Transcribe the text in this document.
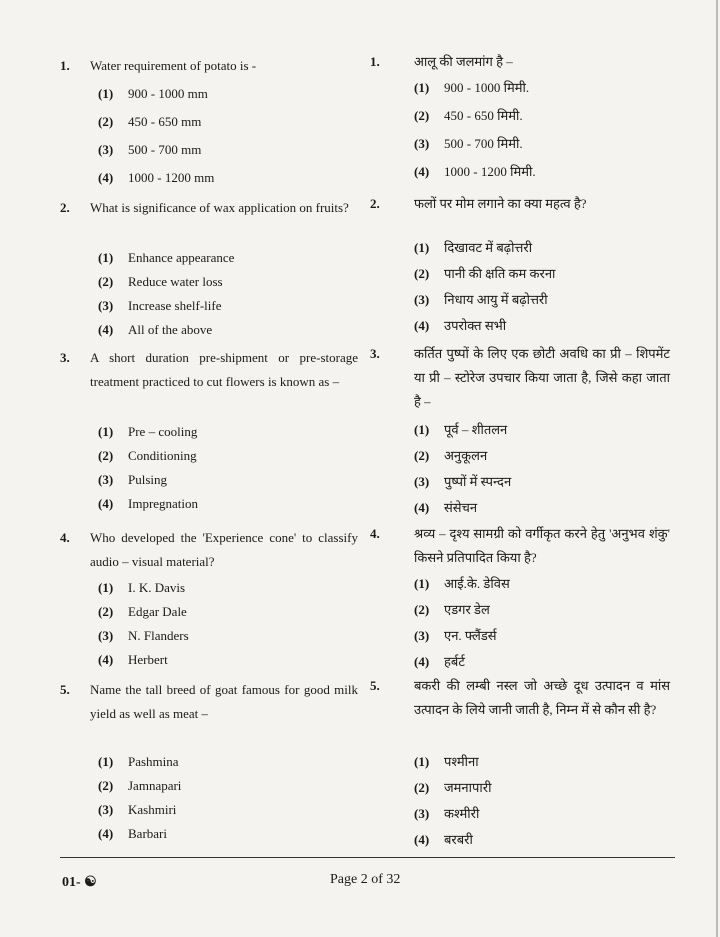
1. Water requirement of potato is -
(1) 900 - 1000 mm
(2) 450 - 650 mm
(3) 500 - 700 mm
(4) 1000 - 1200 mm
2. What is significance of wax application on fruits?
(1) Enhance appearance
(2) Reduce water loss
(3) Increase shelf-life
(4) All of the above
3. A short duration pre-shipment or pre-storage treatment practiced to cut flowers is known as –
(1) Pre – cooling
(2) Conditioning
(3) Pulsing
(4) Impregnation
4. Who developed the 'Experience cone' to classify audio – visual material?
(1) I. K. Davis
(2) Edgar Dale
(3) N. Flanders
(4) Herbert
5. Name the tall breed of goat famous for good milk yield as well as meat –
(1) Pashmina
(2) Jamnapari
(3) Kashmiri
(4) Barbari
1.	आलू की जलमांग है –
(1) 900 - 1000 मिमी.
(2) 450 - 650 मिमी.
(3) 500 - 700 मिमी.
(4) 1000 - 1200 मिमी.
2.	फलों पर मोम लगाने का क्या महत्व है?
(1) दिखावट में बढ़ोत्तरी
(2) पानी की क्षति कम करना
(3) निधाय आयु में बढ़ोत्तरी
(4) उपरोक्त सभी
3.	कर्तित पुष्पों के लिए एक छोटी अवधि का प्री – शिपमेंट या प्री – स्टोरेज उपचार किया जाता है, जिसे कहा जाता है –
(1) पूर्व – शीतलन
(2) अनुकूलन
(3) पुष्पों में स्पन्दन
(4) संसेचन
4.	श्रव्य – दृश्य सामग्री को वर्गीकृत करने हेतु 'अनुभव शंकु' किसने प्रतिपादित किया है?
(1) आई.के. डेविस
(2) एडगर डेल
(3) एन. फ्लैंडर्स
(4) हर्बर्ट
5.	बकरी की लम्बी नस्ल जो अच्छे दूध उत्पादन व मांस उत्पादन के लिये जानी जाती है, निम्न में से कौन सी है?
(1) पश्मीना
(2) जमनापारी
(3) कश्मीरी
(4) बरबरी
01- ☯	Page 2 of 32
